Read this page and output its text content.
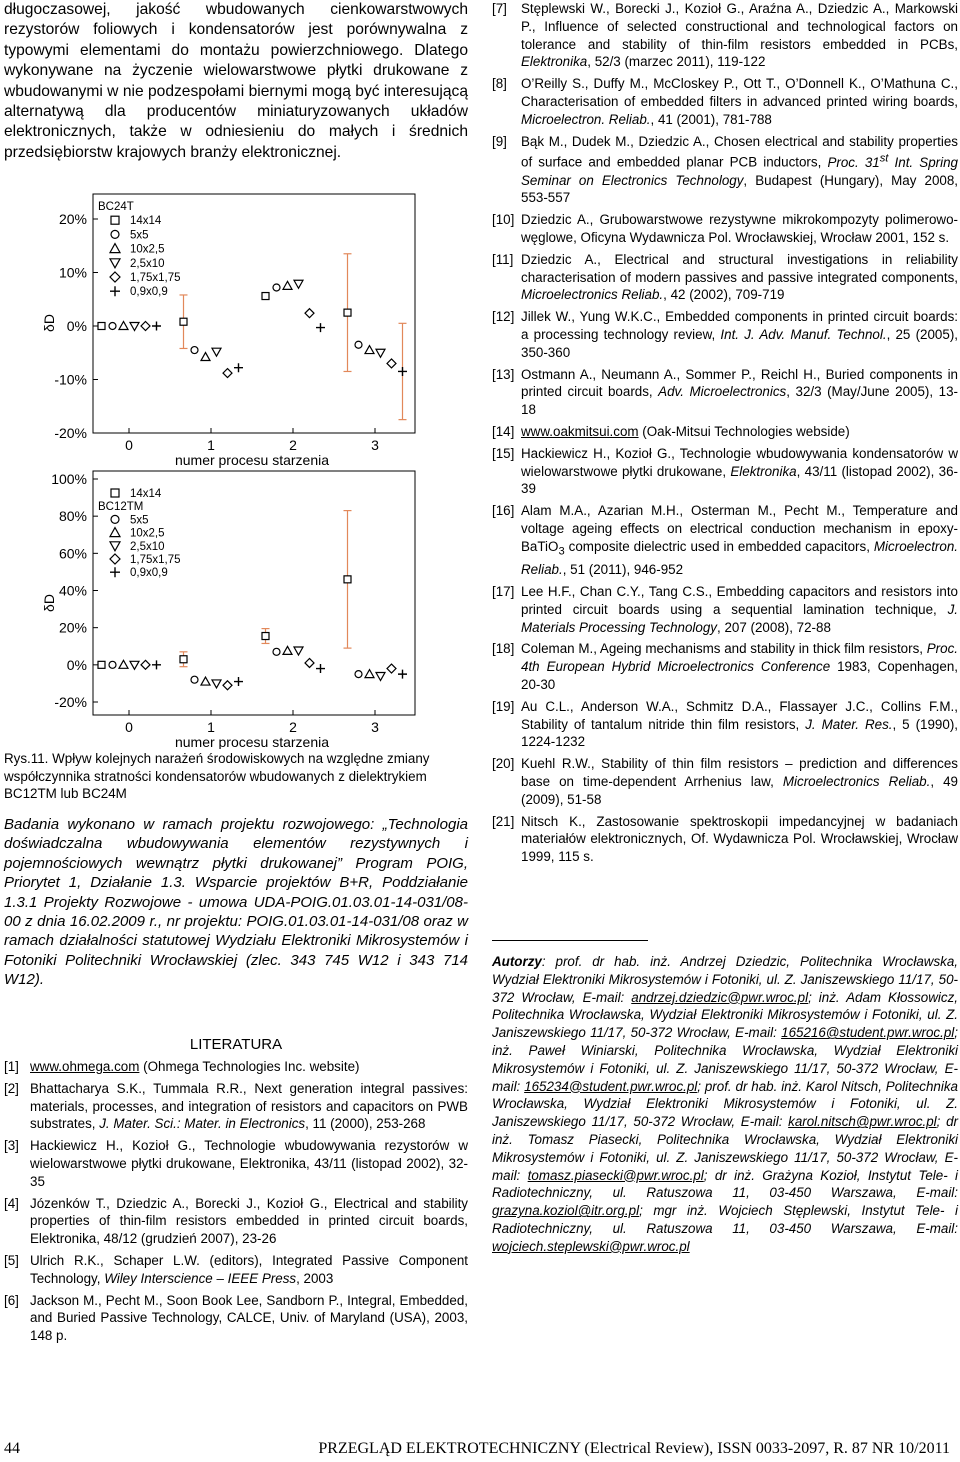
długoczasowej, jakość wbudowanych cienkowarstwowych rezystorów foliowych i kondensatorów jest porównywalna z typowymi elementami do montażu powierzchniowego. Dlatego wykonywane na życzenie wielowarstwowe płytki drukowane z wbudowanymi w nie podzespołami biernymi mogą być interesującą alternatywą dla producentów miniaturyzowanych układów elektronicznych, także w odniesieniu do małych i średnich przedsiębiorstw krajowych branży elektronicznej.

20%
10%
0%
-10%
-20%
0	1	2	3
numer procesu starzenia
δD
BC24T
14x14
5x5
10x2,5
2,5x10
1,75x1,75
0,9x0,9
100%
80%
60%
40%
20%
0%
-20%
0	1	2	3
numer procesu starzenia
δD
14x14
BC12TM
5x5
10x2,5
2,5x10
1,75x1,75
0,9x0,9

Rys.11. Wpływ kolejnych narażeń środowiskowych na względne zmiany współczynnika stratności kondensatorów wbudowanych z dielektrykiem BC12TM lub BC24M

Badania wykonano w ramach projektu rozwojowego: „Technologia doświadczalna wbudowywania elementów rezystywnych i pojemnościowych wewnątrz płytki drukowanej” Program POIG, Priorytet 1, Działanie 1.3. Wsparcie projektów B+R, Poddziałanie 1.3.1 Projekty Rozwojowe - umowa UDA-POIG.01.03.01-14-031/08-00 z dnia 16.02.2009 r., nr projektu: POIG.01.03.01-14-031/08 oraz w ramach działalności statutowej Wydziału Elektroniki Mikrosystemów i Fotoniki Politechniki Wrocławskiej (zlec. 343 745 W12 i 343 714 W12).

LITERATURA

[1] www.ohmega.com (Ohmega Technologies Inc. website)
[2] Bhattacharya S.K., Tummala R.R., Next generation integral passives: materials, processes, and integration of resistors and capacitors on PWB substrates, J. Mater. Sci.: Mater. in Electronics, 11 (2000), 253-268
[3] Hackiewicz H., Kozioł G., Technologie wbudowywania rezystorów w wielowarstwowe płytki drukowane, Elektronika, 43/11 (listopad 2002), 32-35
[4] Józenków T., Dziedzic A., Borecki J., Kozioł G., Electrical and stability properties of thin-film resistors embedded in printed circuit boards, Elektronika, 48/12 (grudzień 2007), 23-26
[5] Ulrich R.K., Schaper L.W. (editors), Integrated Passive Component Technology, Wiley Interscience – IEEE Press, 2003
[6] Jackson M., Pecht M., Soon Book Lee, Sandborn P., Integral, Embedded, and Buried Passive Technology, CALCE, Univ. of Maryland (USA), 2003, 148 p.
[7] Stęplewski W., Borecki J., Kozioł G., Araźna A., Dziedzic A., Markowski P., Influence of selected constructional and technological factors on tolerance and stability of thin-film resistors embedded in PCBs, Elektronika, 52/3 (marzec 2011), 119-122
[8] O’Reilly S., Duffy M., McCloskey P., Ott T., O’Donnell K., O’Mathuna C., Characterisation of embedded filters in advanced printed wiring boards, Microelectron. Reliab., 41 (2001), 781-788
[9] Bąk M., Dudek M., Dziedzic A., Chosen electrical and stability properties of surface and embedded planar PCB inductors, Proc. 31st Int. Spring Seminar on Electronics Technology, Budapest (Hungary), May 2008, 553-557
[10] Dziedzic A., Grubowarstwowe rezystywne mikrokompozyty polimerowo-węglowe, Oficyna Wydawnicza Pol. Wrocławskiej, Wrocław 2001, 152 s.
[11] Dziedzic A., Electrical and structural investigations in reliability characterisation of modern passives and passive integrated components, Microelectronics Reliab., 42 (2002), 709-719
[12] Jillek W., Yung W.K.C., Embedded components in printed circuit boards: a processing technology review, Int. J. Adv. Manuf. Technol., 25 (2005), 350-360
[13] Ostmann A., Neumann A., Sommer P., Reichl H., Buried components in printed circuit boards, Adv. Microelectronics, 32/3 (May/June 2005), 13-18
[14] www.oakmitsui.com (Oak-Mitsui Technologies webside)
[15] Hackiewicz H., Kozioł G., Technologie wbudowywania kondensatorów w wielowarstwowe płytki drukowane, Elektronika, 43/11 (listopad 2002), 36-39
[16] Alam M.A., Azarian M.H., Osterman M., Pecht M., Temperature and voltage ageing effects on electrical conduction mechanism in epoxy-BaTiO$_3$ composite dielectric used in embedded capacitors, Microelectron. Reliab., 51 (2011), 946-952
[17] Lee H.F., Chan C.Y., Tang C.S., Embedding capacitors and resistors into printed circuit boards using a sequential lamination technique, J. Materials Processing Technology, 207 (2008), 72-88
[18] Coleman M., Ageing mechanisms and stability in thick film resistors, Proc. 4th European Hybrid Microelectronics Conference 1983, Copenhagen, 20-30
[19] Au C.L., Anderson W.A., Schmitz D.A., Flassayer J.C., Collins F.M., Stability of tantalum nitride thin film resistors, J. Mater. Res., 5 (1990), 1224-1232
[20] Kuehl R.W., Stability of thin film resistors – prediction and differences base on time-dependent Arrhenius law, Microelectronics Reliab., 49 (2009), 51-58
[21] Nitsch K., Zastosowanie spektroskopii impedancyjnej w badaniach materiałów elektronicznych, Of. Wydawnicza Pol. Wrocławskiej, Wrocław 1999, 115 s.

Autorzy: prof. dr hab. inż. Andrzej Dziedzic, Politechnika Wrocławska, Wydział Elektroniki Mikrosystemów i Fotoniki, ul. Z. Janiszewskiego 11/17, 50-372 Wrocław, E-mail: andrzej.dziedzic@pwr.wroc.pl; inż. Adam Kłossowicz, Politechnika Wrocławska, Wydział Elektroniki Mikrosystemów i Fotoniki, ul. Z. Janiszewskiego 11/17, 50-372 Wrocław, E-mail: 165216@student.pwr.wroc.pl; inż. Paweł Winiarski, Politechnika Wrocławska, Wydział Elektroniki Mikrosystemów i Fotoniki, ul. Z. Janiszewskiego 11/17, 50-372 Wrocław, E-mail: 165234@student.pwr.wroc.pl; prof. dr hab. inż. Karol Nitsch, Politechnika Wrocławska, Wydział Elektroniki Mikrosystemów i Fotoniki, ul. Z. Janiszewskiego 11/17, 50-372 Wrocław, E-mail: karol.nitsch@pwr.wroc.pl; dr inż. Tomasz Piasecki, Politechnika Wrocławska, Wydział Elektroniki Mikrosystemów i Fotoniki, ul. Z. Janiszewskiego 11/17, 50-372 Wrocław, E-mail: tomasz.piasecki@pwr.wroc.pl; dr inż. Grażyna Kozioł, Instytut Tele- i Radiotechniczny, ul. Ratuszowa 11, 03-450 Warszawa, E-mail: grazyna.koziol@itr.org.pl; mgr inż. Wojciech Stęplewski, Instytut Tele- i Radiotechniczny, ul. Ratuszowa 11, 03-450 Warszawa, E-mail: wojciech.steplewski@pwr.wroc.pl

44	PRZEGLĄD ELEKTROTECHNICZNY (Electrical Review), ISSN 0033-2097, R. 87 NR 10/2011
